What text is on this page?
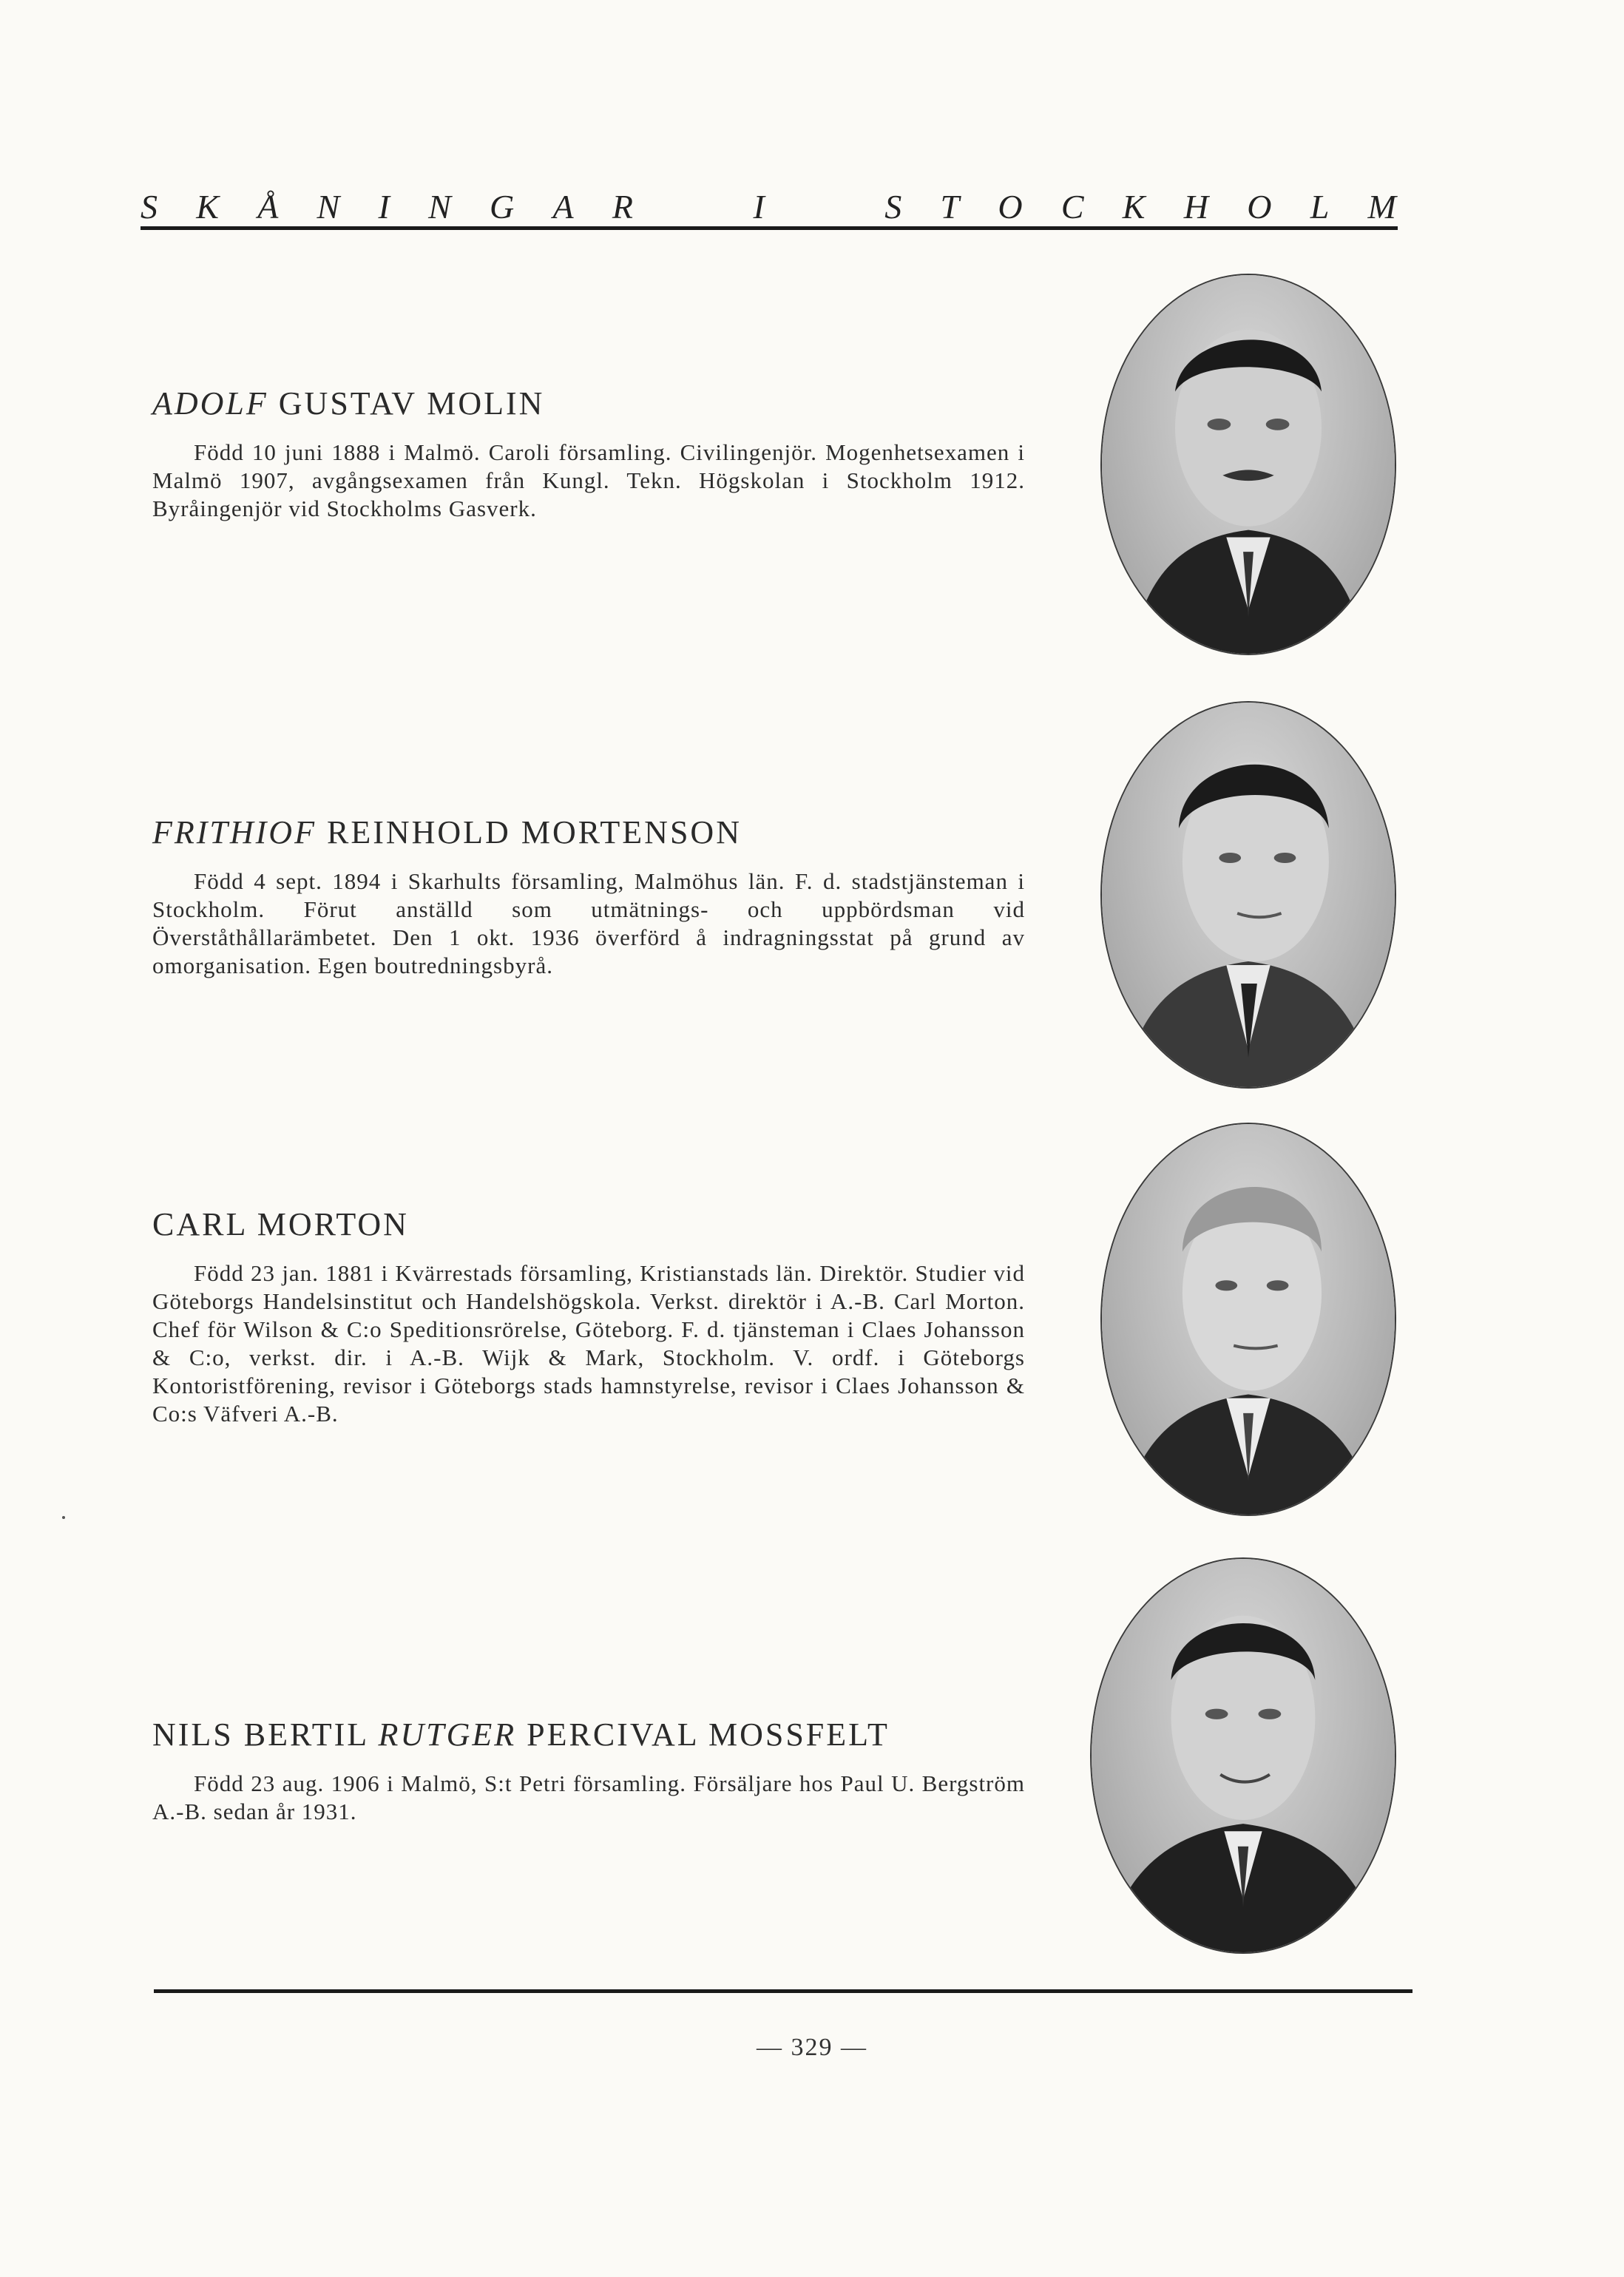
S K Å N I N G A R	I	S T O C K H O L M
ADOLF GUSTAV MOLIN

Född 10 juni 1888 i Malmö. Caroli församling. Civilingenjör. Mogenhetsexamen i Malmö 1907, avgångsexamen från Kungl. Tekn. Högskolan i Stockholm 1912. Byråingenjör vid Stockholms Gasverk.

FRITHIOF REINHOLD MORTENSON

Född 4 sept. 1894 i Skarhults församling, Malmöhus län. F. d. stadstjänsteman i Stockholm. Förut anställd som utmätnings- och uppbördsman vid Överståthållarämbetet. Den 1 okt. 1936 överförd å indragningsstat på grund av omorganisation. Egen boutredningsbyrå.

CARL MORTON

Född 23 jan. 1881 i Kvärrestads församling, Kristianstads län. Direktör. Studier vid Göteborgs Handelsinstitut och Handelshögskola. Verkst. direktör i A.-B. Carl Morton. Chef för Wilson & C:o Speditionsrörelse, Göteborg. F. d. tjänsteman i Claes Johansson & C:o, verkst. dir. i A.-B. Wijk & Mark, Stockholm. V. ordf. i Göteborgs Kontoristförening, revisor i Göteborgs stads hamnstyrelse, revisor i Claes Johansson & Co:s Väfveri A.-B.

NILS BERTIL RUTGER PERCIVAL MOSSFELT

Född 23 aug. 1906 i Malmö, S:t Petri församling. Försäljare hos Paul U. Bergström A.-B. sedan år 1931.

— 329 —
